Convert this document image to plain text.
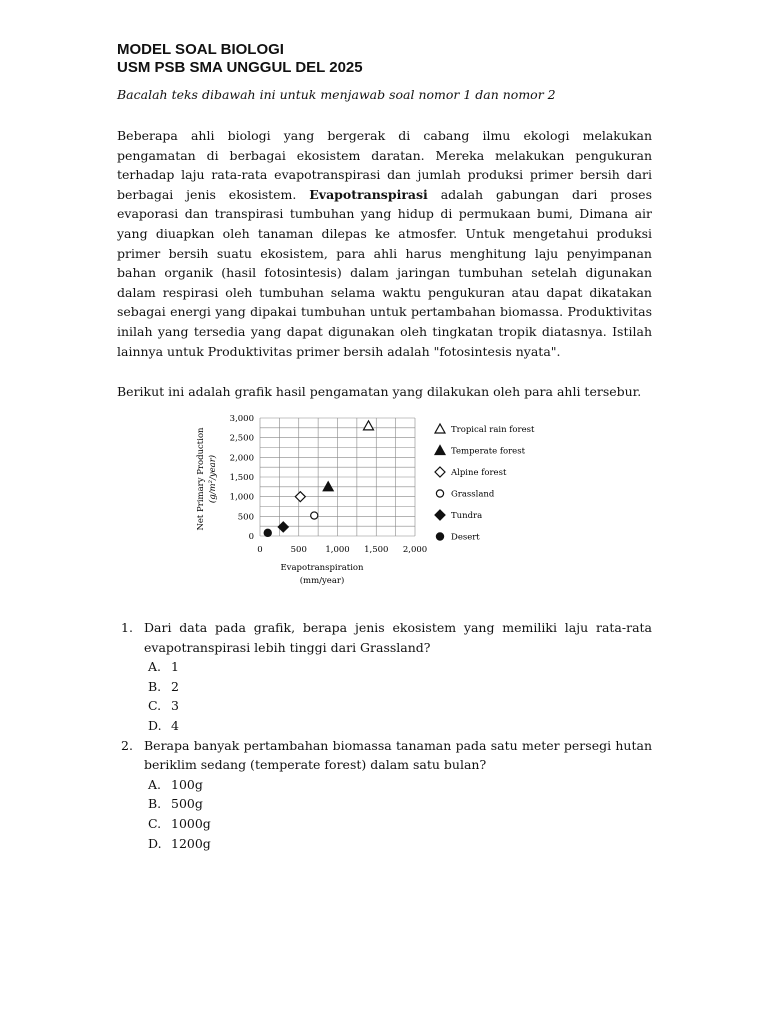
MODEL SOAL BIOLOGI
USM PSB SMA UNGGUL DEL 2025

Bacalah teks dibawah ini untuk menjawab soal nomor 1 dan nomor 2

Beberapa ahli biologi yang bergerak di cabang ilmu ekologi melakukan pengamatan di berbagai ekosistem daratan. Mereka melakukan pengukuran terhadap laju rata-rata evapotranspirasi dan jumlah produksi primer bersih dari berbagai jenis ekosistem. Evapotranspirasi adalah gabungan dari proses evaporasi dan transpirasi tumbuhan yang hidup di permukaan bumi, Dimana air yang diuapkan oleh tanaman dilepas ke atmosfer. Untuk mengetahui produksi primer bersih suatu ekosistem, para ahli harus menghitung laju penyimpanan bahan organik (hasil fotosintesis) dalam jaringan tumbuhan setelah digunakan dalam respirasi oleh tumbuhan selama waktu pengukuran atau dapat dikatakan sebagai energi yang dipakai tumbuhan untuk pertambahan biomassa. Produktivitas inilah yang tersedia yang dapat digunakan oleh tingkatan tropik diatasnya. Istilah lainnya untuk Produktivitas primer bersih adalah "fotosintesis nyata".

Berikut ini adalah grafik hasil pengamatan yang dilakukan oleh para ahli tersebur.

0
500
1,000
1,500
2,000
2,500
3,000
0	500 1,000 1,500 2,000
Net Primary Production (g/m²/year)
Evapotranspiration
(mm/year)
Tropical rain forest
Temperate forest
Alpine forest
Grassland
Tundra
Desert
1. Dari data pada grafik, berapa jenis ekosistem yang memiliki laju rata-rata evapotranspirasi lebih tinggi dari Grassland?
A. 1
B. 2
C. 3
D. 4
2. Berapa banyak pertambahan biomassa tanaman pada satu meter persegi hutan beriklim sedang (temperate forest) dalam satu bulan?
A. 100g
B. 500g
C. 1000g
D. 1200g
